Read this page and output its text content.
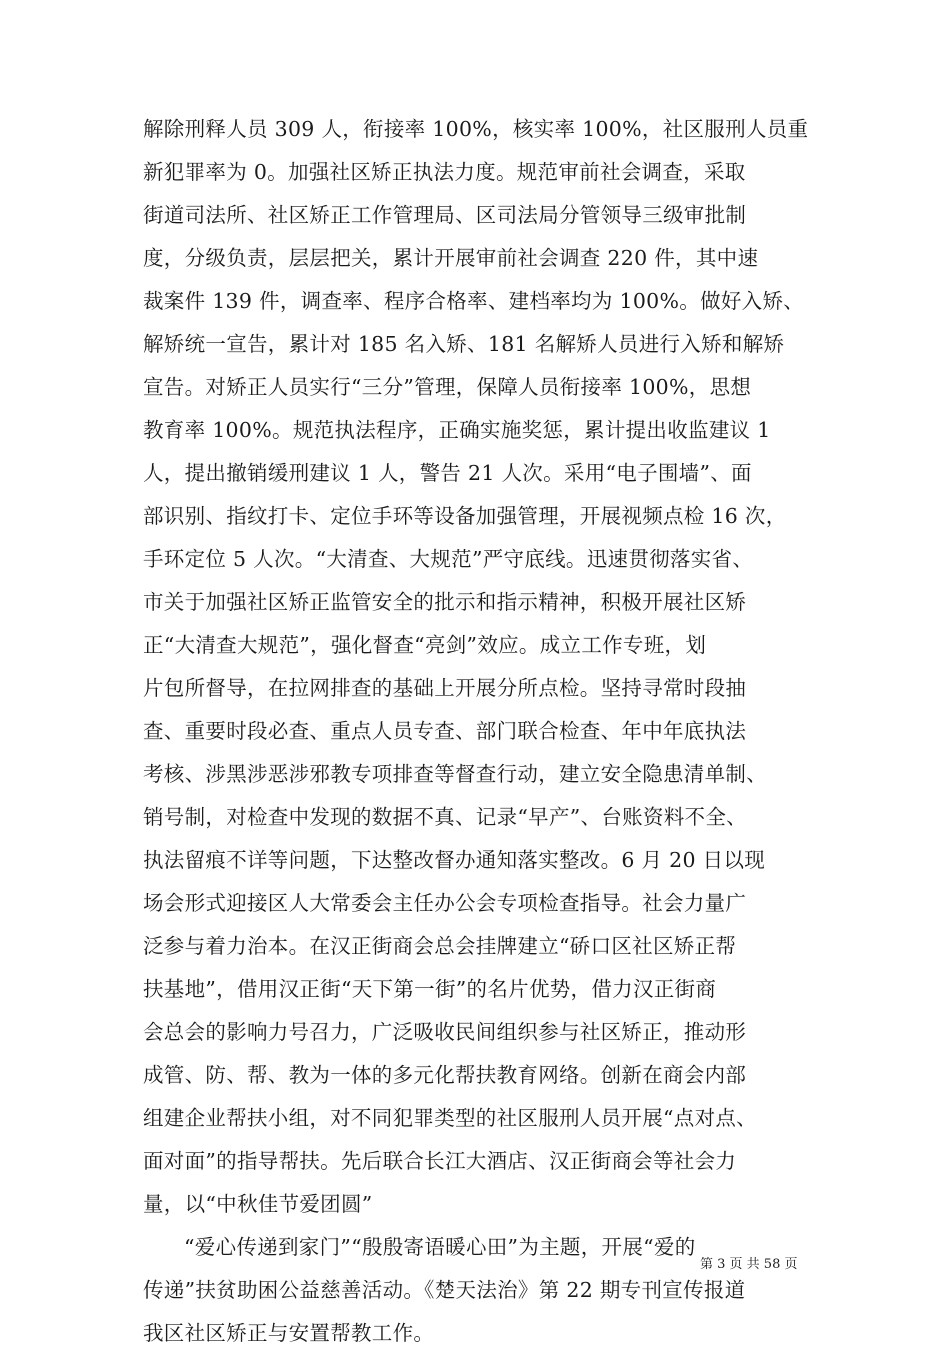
解除刑释人员 309 人，衔接率 100%，核实率 100%，社区服刑人员重
新犯罪率为 0。加强社区矫正执法力度。规范审前社会调查，采取
街道司法所、社区矫正工作管理局、区司法局分管领导三级审批制
度，分级负责，层层把关，累计开展审前社会调查 220 件，其中速
裁案件 139 件，调查率、程序合格率、建档率均为 100%。做好入矫、
解矫统一宣告，累计对 185 名入矫、181 名解矫人员进行入矫和解矫
宣告。对矫正人员实行“三分”管理，保障人员衔接率 100%，思想
教育率 100%。规范执法程序，正确实施奖惩，累计提出收监建议 1
人，提出撤销缓刑建议 1 人，警告 21 人次。采用“电子围墙”、面
部识别、指纹打卡、定位手环等设备加强管理，开展视频点检 16 次，
手环定位 5 人次。“大清查、大规范”严守底线。迅速贯彻落实省、
市关于加强社区矫正监管安全的批示和指示精神，积极开展社区矫
正“大清查大规范”，强化督查“亮剑”效应。成立工作专班，划
片包所督导，在拉网排查的基础上开展分所点检。坚持寻常时段抽
查、重要时段必查、重点人员专查、部门联合检查、年中年底执法
考核、涉黑涉恶涉邪教专项排查等督查行动，建立安全隐患清单制、
销号制，对检查中发现的数据不真、记录“早产”、台账资料不全、
执法留痕不详等问题，下达整改督办通知落实整改。6 月 20 日以现
场会形式迎接区人大常委会主任办公会专项检查指导。社会力量广
泛参与着力治本。在汉正街商会总会挂牌建立“硚口区社区矫正帮
扶基地”，借用汉正街“天下第一街”的名片优势，借力汉正街商
会总会的影响力号召力，广泛吸收民间组织参与社区矫正，推动形
成管、防、帮、教为一体的多元化帮扶教育网络。创新在商会内部
组建企业帮扶小组，对不同犯罪类型的社区服刑人员开展“点对点、
面对面”的指导帮扶。先后联合长江大酒店、汉正街商会等社会力
量，以“中秋佳节爱团圆”
“爱心传递到家门”“殷殷寄语暖心田”为主题，开展“爱的
传递”扶贫助困公益慈善活动。《楚天法治》第 22 期专刊宣传报道
我区社区矫正与安置帮教工作。
第 3 页 共 58 页
